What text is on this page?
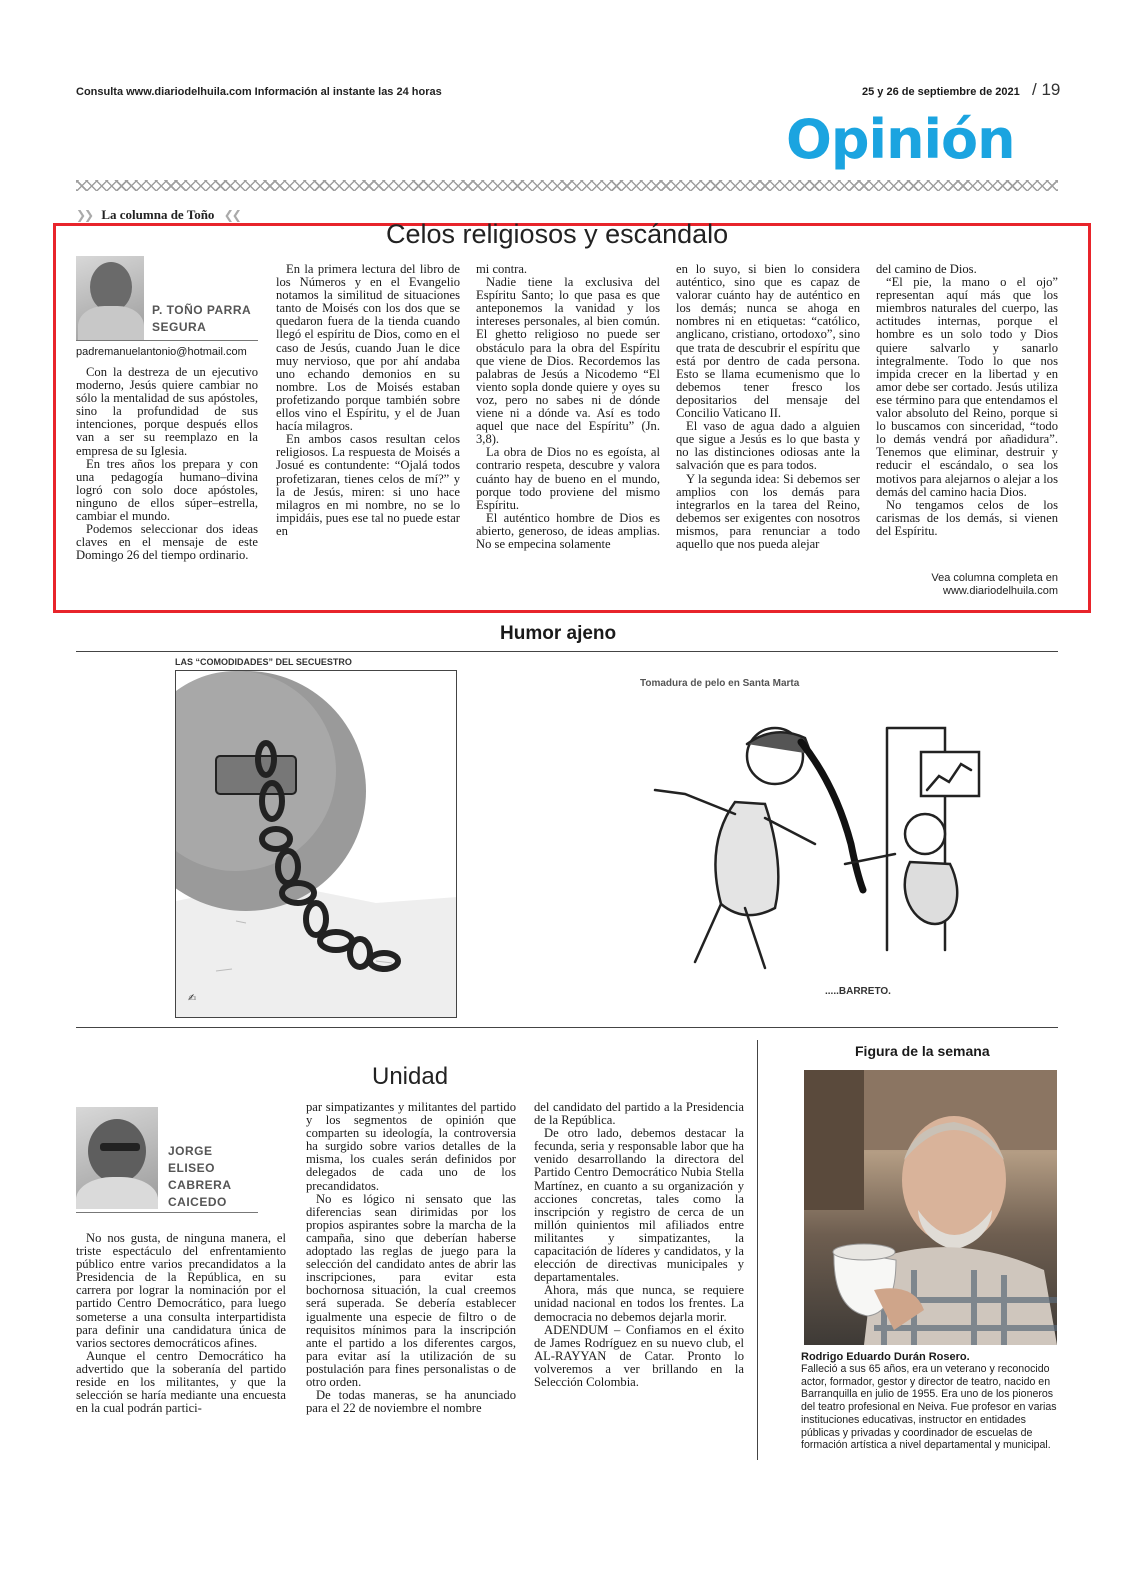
Consulta www.diariodelhuila.com Información al instante las 24 horas	25 y 26 de septiembre de 2021 / 19
Opinión
❯❯ La columna de Toño ❮❮
Celos religiosos y escándalo
P. TOÑO PARRA SEGURA
padremanuelantonio@hotmail.com

Con la destreza de un ejecutivo moderno, Jesús quiere cambiar no sólo la mentalidad de sus apóstoles, sino la profundidad de sus intenciones, porque después ellos van a ser su reemplazo en la empresa de su Iglesia.

En tres años los prepara y con una pedagogía humano–divina logró con solo doce apóstoles, ninguno de ellos súper–estrella, cambiar el mundo.

Podemos seleccionar dos ideas claves en el mensaje de este Domingo 26 del tiempo ordinario.

En la primera lectura del libro de los Números y en el Evangelio notamos la similitud de situaciones tanto de Moisés con los dos que se quedaron fuera de la tienda cuando llegó el espíritu de Dios, como en el caso de Jesús, cuando Juan le dice muy nervioso, que por ahí andaba uno echando demonios en su nombre. Los de Moisés estaban profetizando porque también sobre ellos vino el Espíritu, y el de Juan hacía milagros.

En ambos casos resultan celos religiosos. La respuesta de Moisés a Josué es contundente: “Ojalá todos profetizaran, tienes celos de mí?” y la de Jesús, miren: si uno hace milagros en mi nombre, no se lo impidáis, pues ese tal no puede estar en

mi contra.

Nadie tiene la exclusiva del Espíritu Santo; lo que pasa es que anteponemos la vanidad y los intereses personales, al bien común. El ghetto religioso no puede ser obstáculo para la obra del Espíritu que viene de Dios. Recordemos las palabras de Jesús a Nicodemo “El viento sopla donde quiere y oyes su voz, pero no sabes ni de dónde viene ni a dónde va. Así es todo aquel que nace del Espíritu” (Jn. 3,8).

La obra de Dios no es egoísta, al contrario respeta, descubre y valora cuánto hay de bueno en el mundo, porque todo proviene del mismo Espíritu.

El auténtico hombre de Dios es abierto, generoso, de ideas amplias. No se empecina solamente

en lo suyo, si bien lo considera auténtico, sino que es capaz de valorar cuánto hay de auténtico en los demás; nunca se ahoga en nombres ni en etiquetas: “católico, anglicano, cristiano, ortodoxo”, sino que trata de descubrir el espíritu que está por dentro de cada persona. Esto se llama ecumenismo que lo debemos tener fresco los depositarios del mensaje del Concilio Vaticano II.

El vaso de agua dado a alguien que sigue a Jesús es lo que basta y no las distinciones odiosas ante la salvación que es para todos.

Y la segunda idea: Si debemos ser amplios con los demás para integrarlos en la tarea del Reino, debemos ser exigentes con nosotros mismos, para renunciar a todo aquello que nos pueda alejar

del camino de Dios.

“El pie, la mano o el ojo” representan aquí más que los miembros naturales del cuerpo, las actitudes internas, porque el hombre es un solo todo y Dios quiere salvarlo y sanarlo integralmente. Todo lo que nos impida crecer en la libertad y en amor debe ser cortado. Jesús utiliza ese término para que entendamos el valor absoluto del Reino, porque si lo buscamos con sinceridad, “todo lo demás vendrá por añadidura”. Tenemos que eliminar, destruir y reducir el escándalo, o sea los motivos para alejarnos o alejar a los demás del camino hacia Dios.

No tengamos celos de los carismas de los demás, si vienen del Espíritu.

Vea columna completa en
www.diariodelhuila.com
Humor ajeno
LAS “COMODIDADES” DEL SECUESTRO
✍
Tomadura de pelo en Santa Marta
.....BARRETO.
Unidad
JORGE
ELISEO
CABRERA
CAICEDO

No nos gusta, de ninguna manera, el triste espectáculo del enfrentamiento público entre varios precandidatos a la Presidencia de la República, en su carrera por lograr la nominación por el partido Centro Democrático, para luego someterse a una consulta interpartidista para definir una candidatura única de varios sectores democráticos afines.

Aunque el centro Democrático ha advertido que la soberanía del partido reside en los militantes, y que la selección se haría mediante una encuesta en la cual podrán partici-

par simpatizantes y militantes del partido y los segmentos de opinión que comparten su ideología, la controversia ha surgido sobre varios detalles de la misma, los cuales serán definidos por delegados de cada uno de los precandidatos.

No es lógico ni sensato que las diferencias sean dirimidas por los propios aspirantes sobre la marcha de la campaña, sino que deberían haberse adoptado las reglas de juego para la selección del candidato antes de abrir las inscripciones, para evitar esta bochornosa situación, la cual creemos será superada. Se debería establecer igualmente una especie de filtro o de requisitos mínimos para la inscripción ante el partido a los diferentes cargos, para evitar así la utilización de su postulación para fines personalistas o de otro orden.

De todas maneras, se ha anunciado para el 22 de noviembre el nombre

del candidato del partido a la Presidencia de la República.

De otro lado, debemos destacar la fecunda, seria y responsable labor que ha venido desarrollando la directora del Partido Centro Democrático Nubia Stella Martínez, en cuanto a su organización y acciones concretas, tales como la inscripción y registro de cerca de un millón quinientos mil afiliados entre militantes y simpatizantes, la capacitación de líderes y candidatos, y la elección de directivas municipales y departamentales.

Ahora, más que nunca, se requiere unidad nacional en todos los frentes. La democracia no debemos dejarla morir.

ADENDUM – Confiamos en el éxito de James Rodríguez en su nuevo club, el AL-RAYYAN de Catar. Pronto lo volveremos a ver brillando en la Selección Colombia.

Figura de la semana
Rodrigo Eduardo Durán Rosero.
Falleció a sus 65 años, era un veterano y reconocido actor, formador, gestor y director de teatro, nacido en Barranquilla en julio de 1955. Era uno de los pioneros del teatro profesional en Neiva. Fue profesor en varias instituciones educativas, instructor en entidades públicas y privadas y coordinador de escuelas de formación artística a nivel departamental y municipal.
